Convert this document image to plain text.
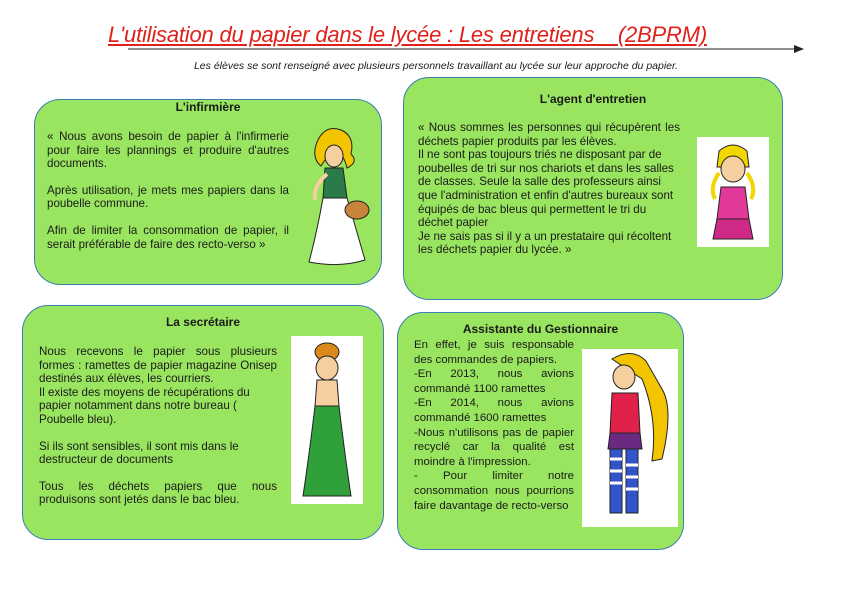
L'utilisation du papier dans le lycée : Les entretiens    (2BPRM)

Les élèves se sont renseigné avec plusieurs personnels travaillant au lycée sur leur approche du papier.

L'infirmière

« Nous avons besoin de papier à l'infirmerie pour faire les plannings et produire d'autres documents.

Après utilisation, je mets mes papiers dans la poubelle commune.

Afin de limiter la consommation de papier, il serait préférable de faire des recto-verso »

L'agent d'entretien

« Nous sommes les personnes qui récupèrent les déchets papier produits par les élèves.

Il ne sont pas toujours triés ne disposant par de poubelles de tri sur nos chariots et dans les salles de classes. Seule la salle des professeurs ainsi que l'administration et enfin d'autres bureaux sont équipés de bac bleus qui permettent le tri du déchet papier

Je ne sais pas si il y a un prestataire qui récoltent les déchets papier du lycée. »

La secrétaire

Nous recevons le papier sous plusieurs formes : ramettes de papier magazine Onisep destinés aux élèves, les courriers.

Il existe des moyens de récupérations du papier notamment dans notre bureau ( Poubelle bleu).

Si ils sont sensibles, il sont mis dans le destructeur de documents

Tous les déchets papiers que nous produisons sont jetés dans le bac bleu.

Assistante du Gestionnaire

En effet, je suis responsable des commandes de papiers.

-En 2013, nous avions commandé 1100 ramettes

-En 2014, nous avions commandé 1600 ramettes

-Nous n'utilisons pas de papier recyclé car la qualité est moindre à l'impression.

- Pour limiter notre consommation nous pourrions faire davantage de recto-verso
